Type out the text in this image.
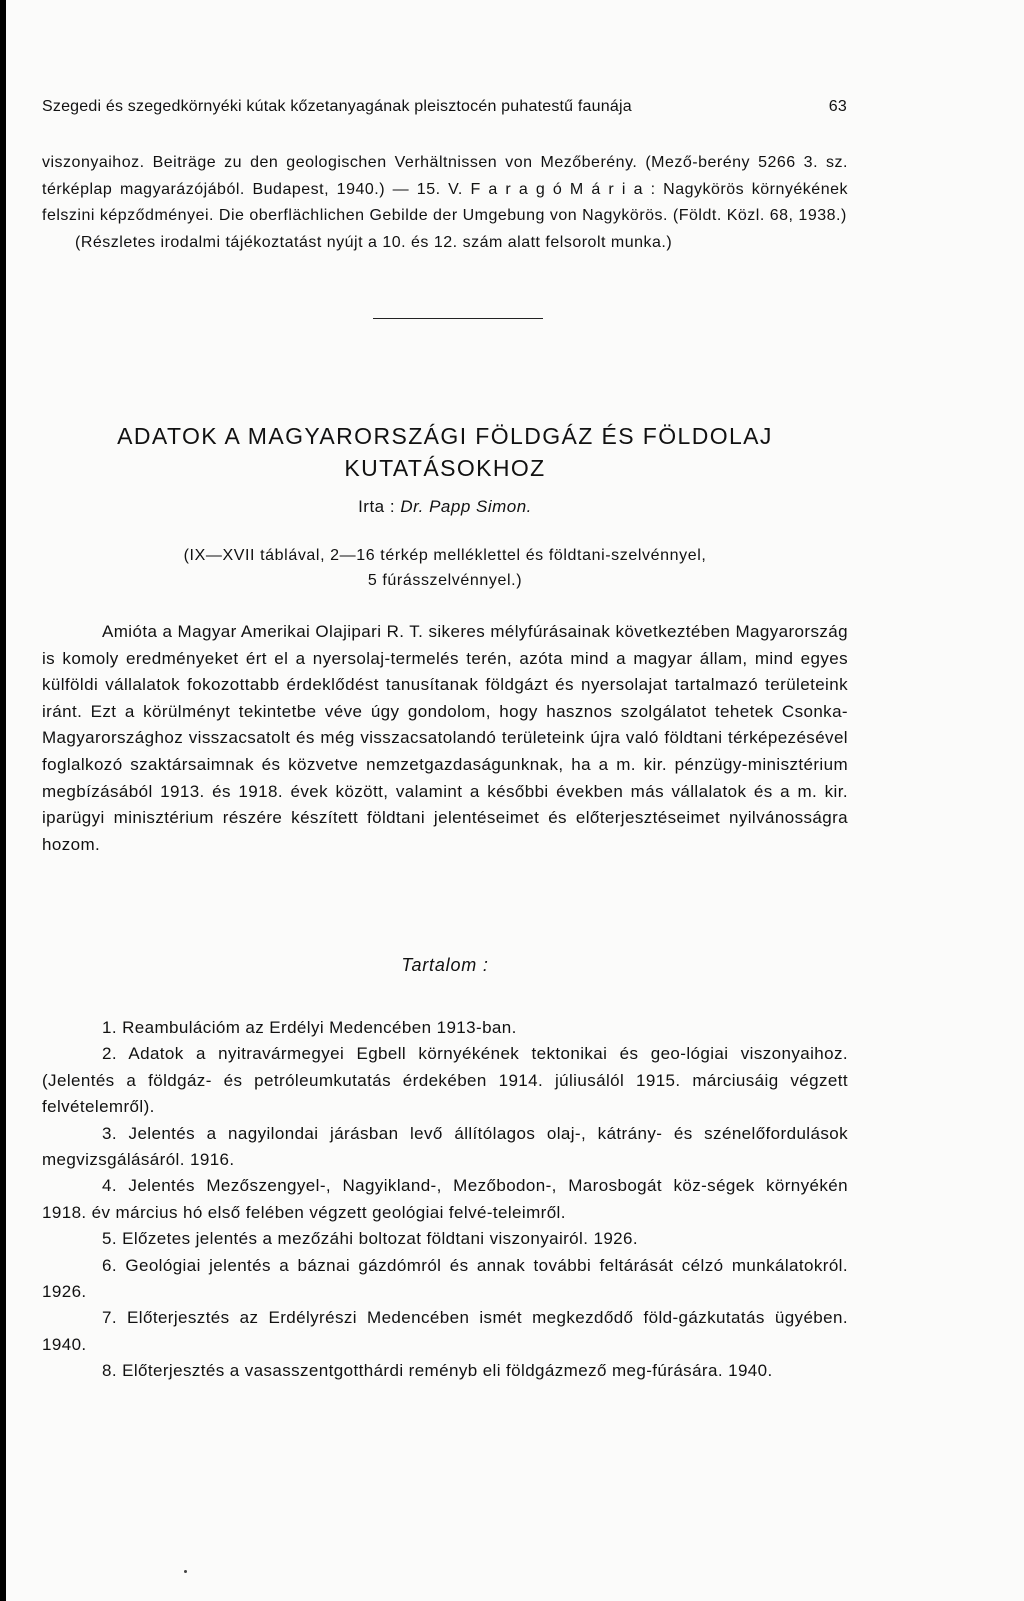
Szegedi és szegedkörnyéki kútak kőzetanyagának pleisztocén puhatestű faunája	63

viszonyaihoz. Beiträge zu den geologischen Verhältnissen von Mezőberény. (Mező-berény 5266 3. sz. térképlap magyarázójából. Budapest, 1940.) — 15. V. F a r a g ó M á r i a : Nagykörös környékének felszini képződményei. Die oberflächlichen Gebilde der Umgebung von Nagykörös. (Földt. Közl. 68, 1938.)

(Részletes irodalmi tájékoztatást nyújt a 10. és 12. szám alatt felsorolt munka.)

ADATOK A MAGYARORSZÁGI FÖLDGÁZ ÉS FÖLDOLAJ
KUTATÁSOKHOZ
Irta : Dr. Papp Simon.

(IX—XVII táblával, 2—16 térkép melléklettel és földtani-szelvénnyel,

5 fúrásszelvénnyel.)

Amióta a Magyar Amerikai Olajipari R. T. sikeres mélyfúrásainak következtében Magyarország is komoly eredményeket ért el a nyersolaj-termelés terén, azóta mind a magyar állam, mind egyes külföldi vállalatok fokozottabb érdeklődést tanusítanak földgázt és nyersolajat tartalmazó területeink iránt. Ezt a körülményt tekintetbe véve úgy gondolom, hogy hasznos szolgálatot tehetek Csonka-Magyarországhoz visszacsatolt és még visszacsatolandó területeink újra való földtani térképezésével foglalkozó szaktársaimnak és közvetve nemzetgazdaságunknak, ha a m. kir. pénzügy-minisztérium megbízásából 1913. és 1918. évek között, valamint a későbbi években más vállalatok és a m. kir. iparügyi minisztérium részére készített földtani jelentéseimet és előterjesztéseimet nyilvánosságra hozom.

Tartalom :

1. Reambulációm az Erdélyi Medencében 1913-ban.

2. Adatok a nyitravármegyei Egbell környékének tektonikai és geo-lógiai viszonyaihoz. (Jelentés a földgáz- és petróleumkutatás érdekében 1914. júliusálól 1915. márciusáig végzett felvételemről).

3. Jelentés a nagyilondai járásban levő állítólagos olaj-, kátrány- és szénelőfordulások megvizsgálásáról. 1916.

4. Jelentés Mezőszengyel-, Nagyikland-, Mezőbodon-, Marosbogát köz-ségek környékén 1918. év március hó első felében végzett geológiai felvé-teleimről.

5. Előzetes jelentés a mezőzáhi boltozat földtani viszonyairól. 1926.

6. Geológiai jelentés a báznai gázdómról és annak további feltárását célzó munkálatokról. 1926.

7. Előterjesztés az Erdélyrészi Medencében ismét megkezdődő föld-gázkutatás ügyében. 1940.

8. Előterjesztés a vasasszentgotthárdi reményb eli földgázmező meg-fúrására. 1940.
